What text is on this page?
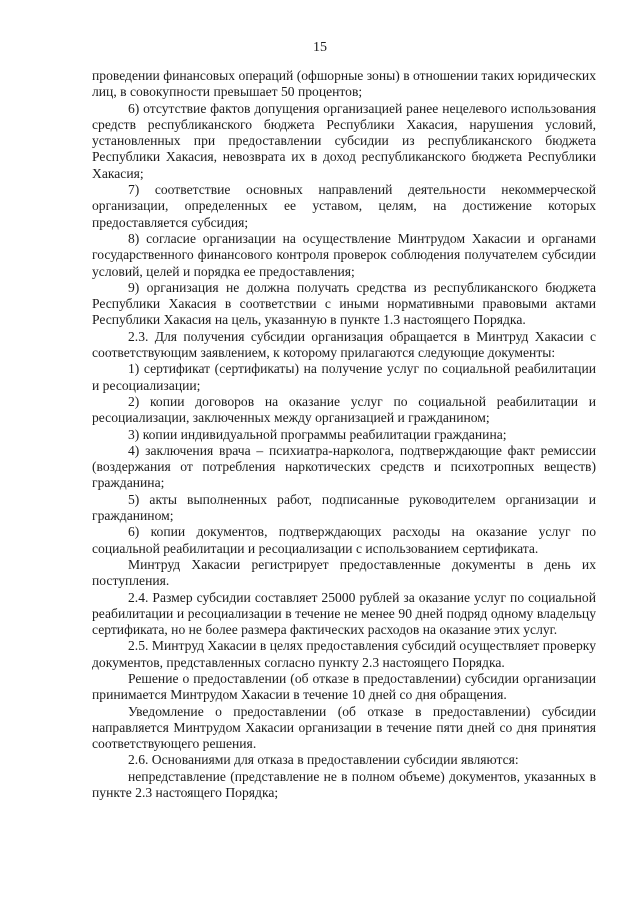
15

проведении финансовых операций (офшорные зоны) в отношении таких юридических лиц, в совокупности превышает 50 процентов;

6) отсутствие фактов допущения организацией ранее нецелевого использования средств республиканского бюджета Республики Хакасия, нарушения условий, установленных при предоставлении субсидии из республиканского бюджета Республики Хакасия, невозврата их в доход республиканского бюджета Республики Хакасия;

7) соответствие основных направлений деятельности некоммерческой организации, определенных ее уставом, целям, на достижение которых предоставляется субсидия;

8) согласие организации на осуществление Минтрудом Хакасии и органами государственного финансового контроля проверок соблюдения получателем субсидии условий, целей и порядка ее предоставления;

9) организация не должна получать средства из республиканского бюджета Республики Хакасия в соответствии с иными нормативными правовыми актами Республики Хакасия на цель, указанную в пункте 1.3 настоящего Порядка.

2.3. Для получения субсидии организация обращается в Минтруд Хакасии с соответствующим заявлением, к которому прилагаются следующие документы:

1) сертификат (сертификаты) на получение услуг по социальной реабилитации и ресоциализации;

2) копии договоров на оказание услуг по социальной реабилитации и ресоциализации, заключенных между организацией и гражданином;

3) копии индивидуальной программы реабилитации гражданина;

4) заключения врача – психиатра-нарколога, подтверждающие факт ремиссии (воздержания от потребления наркотических средств и психотропных веществ) гражданина;

5) акты выполненных работ, подписанные руководителем организации и гражданином;

6) копии документов, подтверждающих расходы на оказание услуг по социальной реабилитации и ресоциализации с использованием сертификата.

Минтруд Хакасии регистрирует предоставленные документы в день их поступления.

2.4. Размер субсидии составляет 25000 рублей за оказание услуг по социальной реабилитации и ресоциализации в течение не менее 90 дней подряд одному владельцу сертификата, но не более размера фактических расходов на оказание этих услуг.

2.5. Минтруд Хакасии в целях предоставления субсидий осуществляет проверку документов, представленных согласно пункту 2.3 настоящего Порядка.

Решение о предоставлении (об отказе в предоставлении) субсидии организации принимается Минтрудом Хакасии в течение 10 дней со дня обращения.

Уведомление о предоставлении (об отказе в предоставлении) субсидии направляется Минтрудом Хакасии организации в течение пяти дней со дня принятия соответствующего решения.

2.6. Основаниями для отказа в предоставлении субсидии являются:

непредставление (представление не в полном объеме) документов, указанных в пункте 2.3 настоящего Порядка;
